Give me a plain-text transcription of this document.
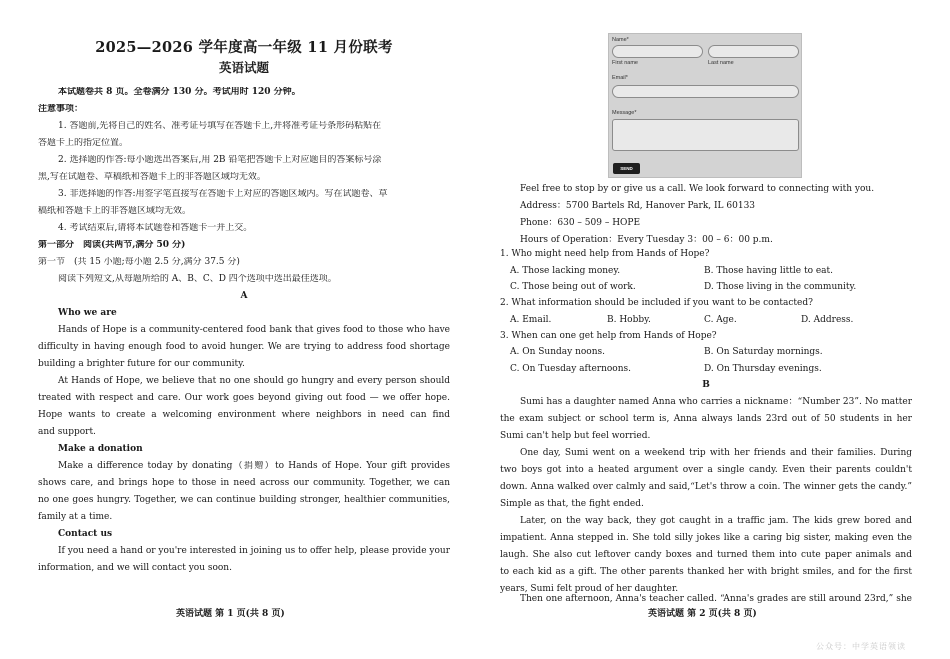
2025—2026 学年度高一年级 11 月份联考
英语试题
本试题卷共 8 页。全卷满分 130 分。考试用时 120 分钟。
注意事项：
1. 答题前,先将自己的姓名、准考证号填写在答题卡上,并将准考证号条形码粘贴在
答题卡上的指定位置。
2. 选择题的作答:每小题选出答案后,用 2B 铅笔把答题卡上对应题目的答案标号涂
黑,写在试题卷、草稿纸和答题卡上的非答题区域均无效。
3. 非选择题的作答:用签字笔直接写在答题卡上对应的答题区域内。写在试题卷、草
稿纸和答题卡上的非答题区域均无效。
4. 考试结束后,请将本试题卷和答题卡一并上交。
第一部分　阅读(共两节,满分 50 分)
第一节　(共 15 小题;每小题 2.5 分,满分 37.5 分)
阅读下列短文,从每题所给的 A、B、C、D 四个选项中选出最佳选项。
A
Who we are
Hands of Hope is a community-centered food bank that gives food to those who have
difficulty in having enough food to avoid hunger. We are trying to address food shortage
building a brighter future for our community.
At Hands of Hope, we believe that no one should go hungry and every person should
treated with respect and care. Our work goes beyond giving out food — we offer hope.
Hope wants to create a welcoming environment where neighbors in need can find
and support.
Make a donation
Make a difference today by donating（捐赠）to Hands of Hope. Your gift provides
shows care, and brings hope to those in need across our community. Together, we can
no one goes hungry. Together, we can continue building stronger, healthier communities,
family at a time.
Contact us
If you need a hand or you're interested in joining us to offer help, please provide your
information, and we will contact you soon.
英语试题 第 1 页(共 8 页)
Name*
First name	Last name
Email*
Message*
SEND
Feel free to stop by or give us a call. We look forward to connecting with you.
Address：5700 Bartels Rd, Hanover Park, IL 60133
Phone：630 – 509 – HOPE
Hours of Operation：Every Tuesday 3：00 – 6：00 p.m.
1. Who might need help from Hands of Hope?
A. Those lacking money.	B. Those having little to eat.
C. Those being out of work.	D. Those living in the community.
2. What information should be included if you want to be contacted?
A. Email.	B. Hobby.	C. Age.	D. Address.
3. When can one get help from Hands of Hope?
A. On Sunday noons.	B. On Saturday mornings.
C. On Tuesday afternoons.	D. On Thursday evenings.
B
Sumi has a daughter named Anna who carries a nickname：“Number 23”. No matter
the exam subject or school term is, Anna always lands 23rd out of 50 students in her
Sumi can't help but feel worried.
One day, Sumi went on a weekend trip with her friends and their families. During
two boys got into a heated argument over a single candy. Even their parents couldn't
down. Anna walked over calmly and said,“Let's throw a coin. The winner gets the candy.”
Simple as that, the fight ended.
Later, on the way back, they got caught in a traffic jam. The kids grew bored and
impatient. Anna stepped in. She told silly jokes like a caring big sister, making even the
laugh. She also cut leftover candy boxes and turned them into cute paper animals and
to each kid as a gift. The other parents thanked her with bright smiles, and for the first
years, Sumi felt proud of her daughter.
Then one afternoon, Anna's teacher called. “Anna's grades are still around 23rd,” she
英语试题 第 2 页(共 8 页)
公众号：中学英语领读
